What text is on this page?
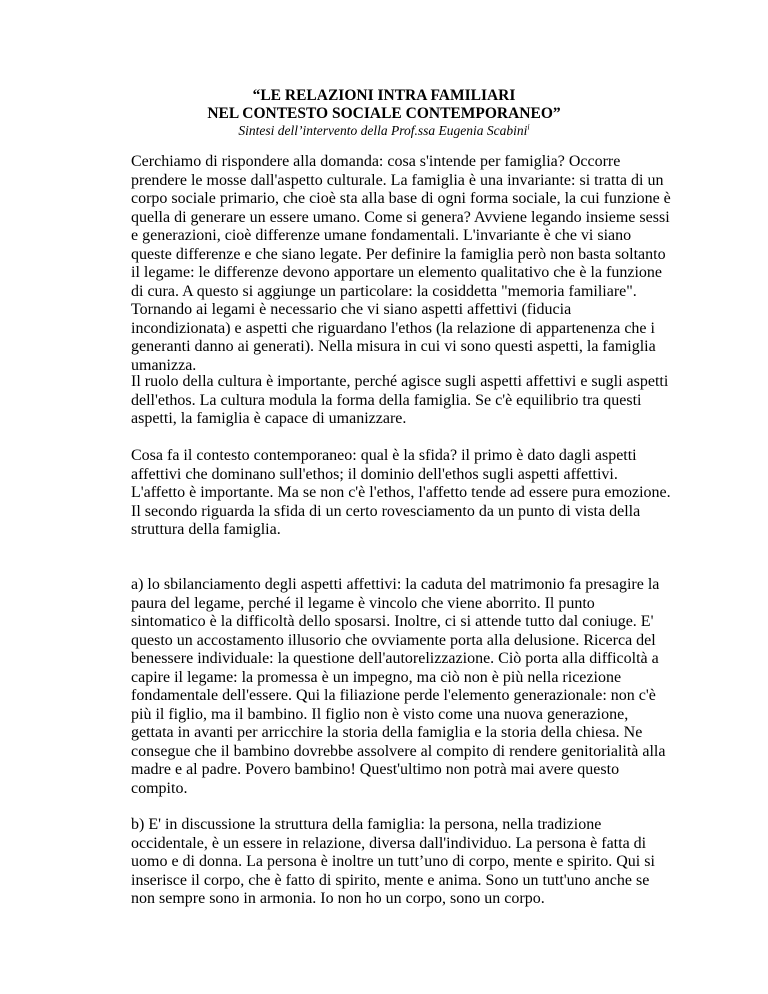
“LE RELAZIONI INTRA FAMILIARI
NEL CONTESTO SOCIALE CONTEMPORANEO”

Sintesi dell’intervento della Prof.ssa Eugenia Scabini$^i$

Cerchiamo di rispondere alla domanda: cosa s'intende per famiglia? Occorre prendere le mosse dall'aspetto culturale. La famiglia è una invariante: si tratta di un corpo sociale primario, che cioè sta alla base di ogni forma sociale, la cui funzione è quella di generare un essere umano. Come si genera? Avviene legando insieme sessi e generazioni, cioè differenze umane fondamentali. L'invariante è che vi siano queste differenze e che siano legate. Per definire la famiglia però non basta soltanto il legame: le differenze devono apportare un elemento qualitativo che è la funzione di cura. A questo si aggiunge un particolare: la cosiddetta "memoria familiare". Tornando ai legami è necessario che vi siano aspetti affettivi (fiducia incondizionata) e aspetti che riguardano l'ethos (la relazione di appartenenza che i generanti danno ai generati). Nella misura in cui vi sono questi aspetti, la famiglia umanizza.

Il ruolo della cultura è importante, perché agisce sugli aspetti affettivi e sugli aspetti dell'ethos. La cultura modula la forma della famiglia. Se c'è equilibrio tra questi aspetti, la famiglia è capace di umanizzare.

Cosa fa il contesto contemporaneo: qual è la sfida? il primo è dato dagli aspetti affettivi che dominano sull'ethos; il dominio dell'ethos sugli aspetti affettivi. L'affetto è importante. Ma se non c'è l'ethos, l'affetto tende ad essere pura emozione. Il secondo riguarda la sfida di un certo rovesciamento da un punto di vista della struttura della famiglia.

a) lo sbilanciamento degli aspetti affettivi: la caduta del matrimonio fa presagire la paura del legame, perché il legame è vincolo che viene aborrito. Il punto sintomatico è la difficoltà dello sposarsi. Inoltre, ci si attende tutto dal coniuge. E' questo un accostamento illusorio che ovviamente porta alla delusione. Ricerca del benessere individuale: la questione dell'autorelizzazione. Ciò porta alla difficoltà a capire il legame: la promessa è un impegno, ma ciò non è più nella ricezione fondamentale dell'essere. Qui la filiazione perde l'elemento generazionale: non c'è più il figlio, ma il bambino. Il figlio non è visto come una nuova generazione, gettata in avanti per arricchire la storia della famiglia e la storia della chiesa. Ne consegue che il bambino dovrebbe assolvere al compito di rendere genitorialità alla madre e al padre. Povero bambino! Quest'ultimo non potrà mai avere questo compito.

b) E' in discussione la struttura della famiglia: la persona, nella tradizione occidentale, è un essere in relazione, diversa dall'individuo. La persona è fatta di uomo e di donna. La persona è inoltre un tutt’uno di corpo, mente e spirito. Qui si inserisce il corpo, che è fatto di spirito, mente e anima. Sono un tutt'uno anche se non sempre sono in armonia. Io non ho un corpo, sono un corpo.
